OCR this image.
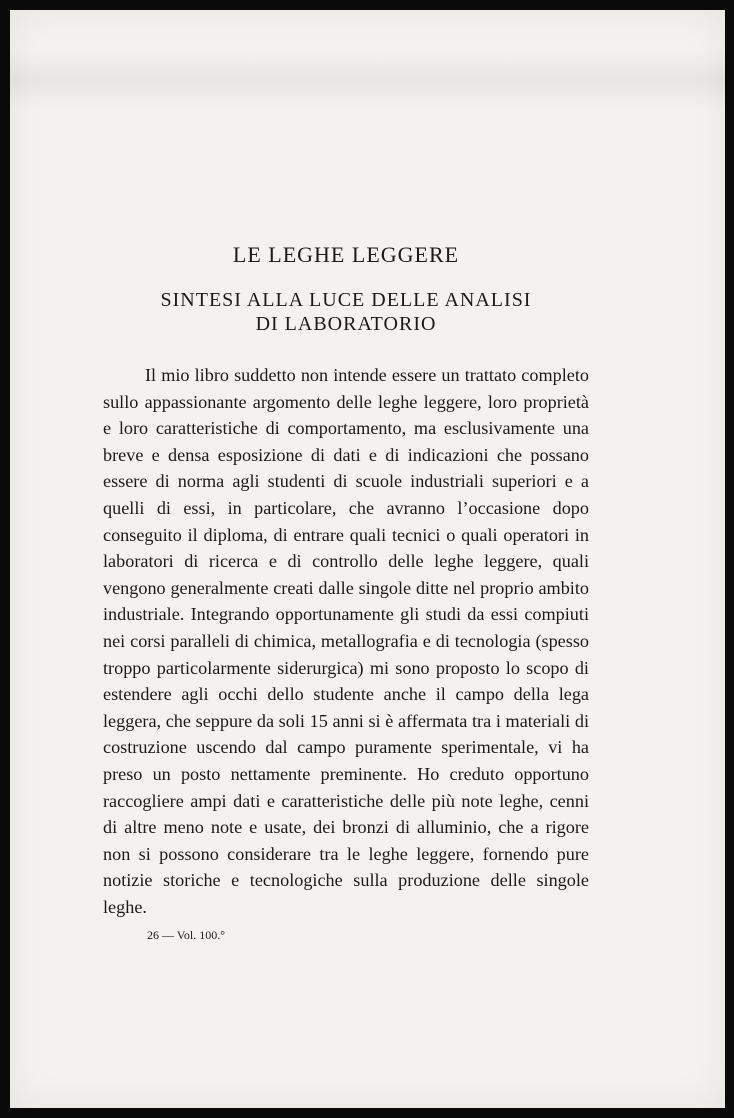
LE LEGHE LEGGERE
SINTESI ALLA LUCE DELLE ANALISI
DI LABORATORIO

Il mio libro suddetto non intende essere un trattato completo sullo appassionante argomento delle leghe leggere, loro proprietà e loro caratteristiche di comportamento, ma esclusivamente una breve e densa esposizione di dati e di indicazioni che possano essere di norma agli studenti di scuole industriali superiori e a quelli di essi, in particolare, che avranno l’occasione dopo conseguito il diploma, di entrare quali tecnici o quali operatori in laboratori di ricerca e di controllo delle leghe leggere, quali vengono generalmente creati dalle singole ditte nel proprio ambito industriale. Integrando opportunamente gli studi da essi compiuti nei corsi paralleli di chimica, metallografia e di tecnologia (spesso troppo particolarmente siderurgica) mi sono proposto lo scopo di estendere agli occhi dello studente anche il campo della lega leggera, che seppure da soli 15 anni si è affermata tra i materiali di costruzione uscendo dal campo puramente sperimentale, vi ha preso un posto nettamente preminente. Ho creduto opportuno raccogliere ampi dati e caratteristiche delle più note leghe, cenni di altre meno note e usate, dei bronzi di alluminio, che a rigore non si possono considerare tra le leghe leggere, fornendo pure notizie storiche e tecnologiche sulla produzione delle singole leghe.

26 — Vol. 100.°
